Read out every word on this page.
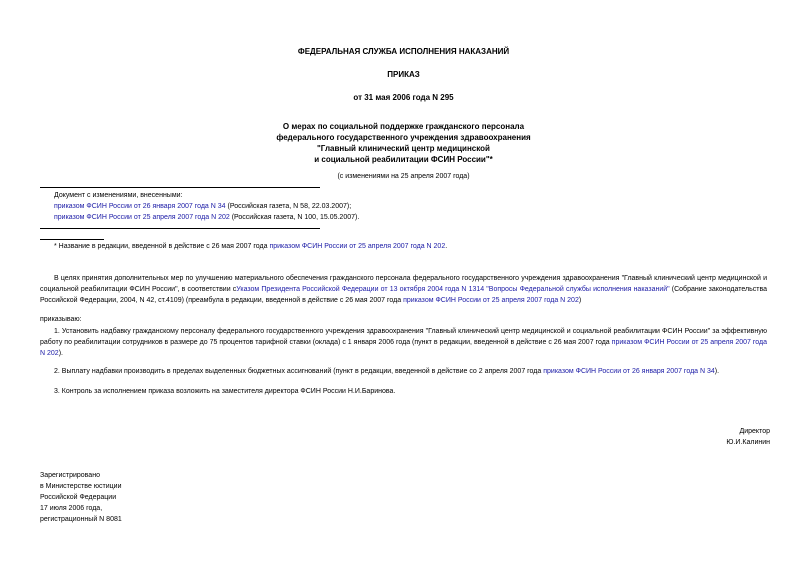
ФЕДЕРАЛЬНАЯ СЛУЖБА ИСПОЛНЕНИЯ НАКАЗАНИЙ
ПРИКАЗ
от 31 мая 2006 года N 295
О мерах по социальной поддержке гражданского персонала
федерального государственного учреждения здравоохранения
"Главный клинический центр медицинской
и социальной реабилитации ФСИН России"*
(с изменениями на 25 апреля 2007 года)
Документ с изменениями, внесенными:
приказом ФСИН России от 26 января 2007 года N 34 (Российская газета, N 58, 22.03.2007);
приказом ФСИН России от 25 апреля 2007 года N 202 (Российская газета, N 100, 15.05.2007).
* Название в редакции, введенной в действие с 26 мая 2007 года приказом ФСИН России от 25 апреля 2007 года N 202.
В целях принятия дополнительных мер по улучшению материального обеспечения гражданского персонала федерального государственного учреждения здравоохранения "Главный клинический центр медицинской и социальной реабилитации ФСИН России", в соответствии сУказом Президента Российской Федерации от 13 октября 2004 года N 1314 "Вопросы Федеральной службы исполнения наказаний" (Собрание законодательства Российской Федерации, 2004, N 42, ст.4109) (преамбула в редакции, введенной в действие с 26 мая 2007 года приказом ФСИН России от 25 апреля 2007 года N 202)
приказываю:
1. Установить надбавку гражданскому персоналу федерального государственного учреждения здравоохранения "Главный клинический центр медицинской и социальной реабилитации ФСИН России" за эффективную работу по реабилитации сотрудников в размере до 75 процентов тарифной ставки (оклада) с 1 января 2006 года (пункт в редакции, введенной в действие с 26 мая 2007 года приказом ФСИН России от 25 апреля 2007 года N 202).
2. Выплату надбавки производить в пределах выделенных бюджетных ассигнований (пункт в редакции, введенной в действие со 2 апреля 2007 года приказом ФСИН России от 26 января 2007 года N 34).
3. Контроль за исполнением приказа возложить на заместителя директора ФСИН России Н.И.Баринова.
Директор
Ю.И.Калинин
Зарегистрировано
в Министерстве юстиции
Российской Федерации
17 июля 2006 года,
регистрационный N 8081
